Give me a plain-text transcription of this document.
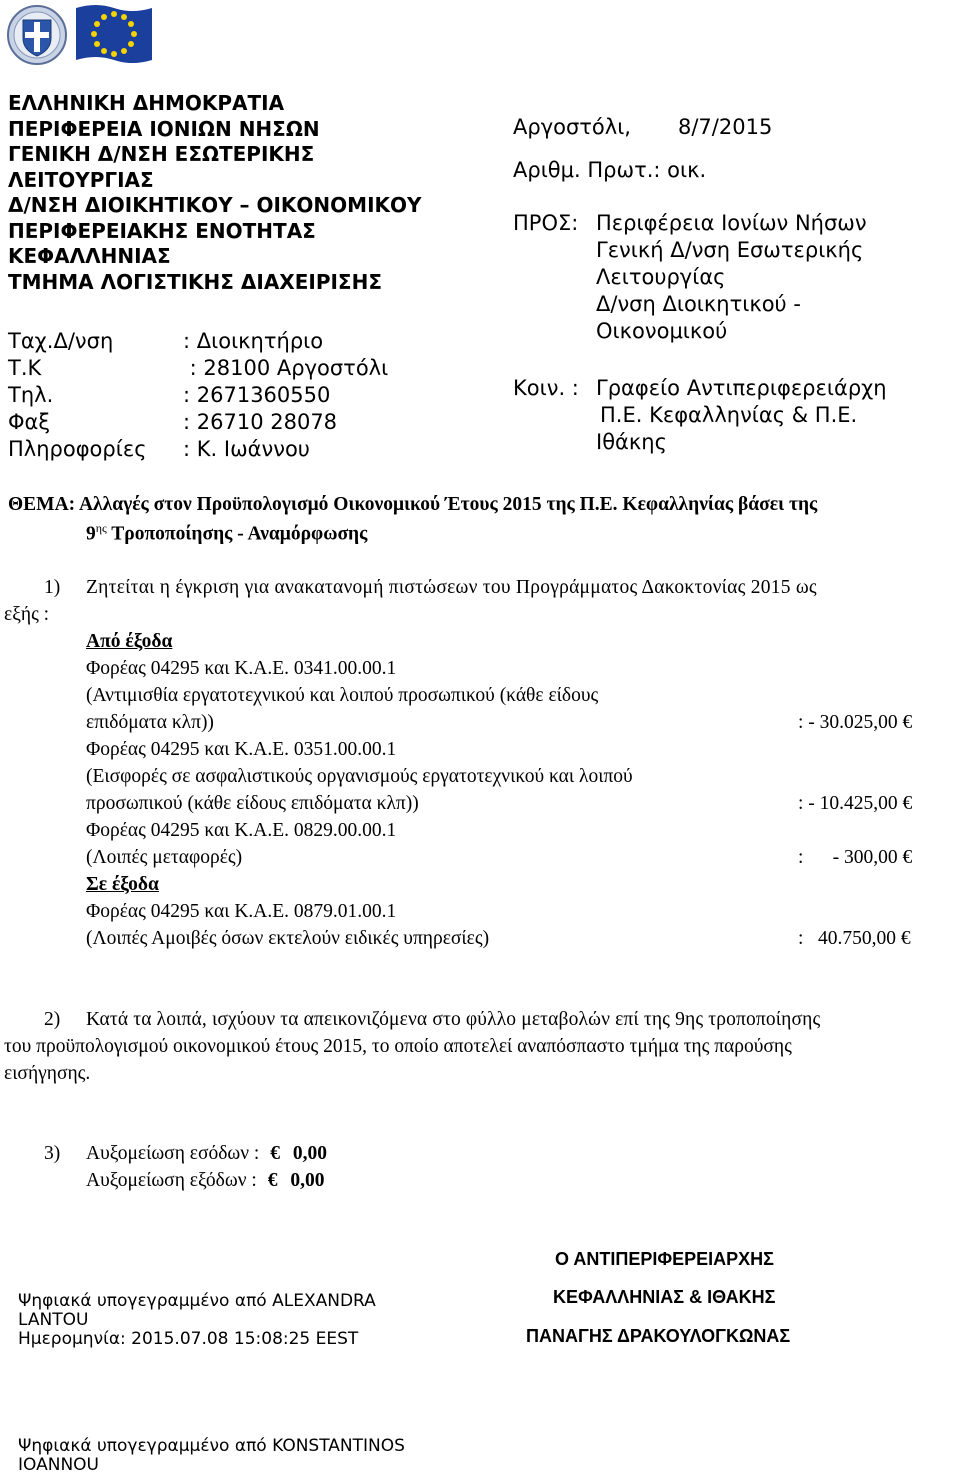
ΕΛΛΗΝΙΚΗ ΔΗΜΟΚΡΑΤΙΑ
ΠΕΡΙΦΕΡΕΙΑ ΙΟΝΙΩΝ ΝΗΣΩΝ
ΓΕΝΙΚΗ Δ/ΝΣΗ ΕΣΩΤΕΡΙΚΗΣ
ΛΕΙΤΟΥΡΓΙΑΣ
Δ/ΝΣΗ ΔΙΟΙΚΗΤΙΚΟΥ – ΟΙΚΟΝΟΜΙΚΟΥ
ΠΕΡΙΦΕΡΕΙΑΚΗΣ ΕΝΟΤΗΤΑΣ
ΚΕΦΑΛΛΗΝΙΑΣ
ΤΜΗΜΑ ΛΟΓΙΣΤΙΚΗΣ ΔΙΑΧΕΙΡΙΣΗΣ
Ταχ.Δ/νση	: Διοικητήριο
Τ.Κ	: 28100 Αργοστόλι
Τηλ.	: 2671360550
Φαξ	: 26710 28078
Πληροφορίες	: Κ. Ιωάννου
Αργοστόλι, 8/7/2015
Αριθμ. Πρωτ.: οικ.
ΠΡΟΣ: Περιφέρεια Ιονίων Νήσων
Γενική Δ/νση Εσωτερικής
Λειτουργίας
Δ/νση Διοικητικού -
Οικονομικού
Κοιν. : Γραφείο Αντιπεριφερειάρχη
Π.Ε. Κεφαλληνίας & Π.Ε.
Ιθάκης
ΘΕΜΑ: Αλλαγές στον Προϋπολογισμό Οικονομικού Έτους 2015 της Π.Ε. Κεφαλληνίας βάσει της
$9^{\eta\varsigma}$ Τροποποίησης - Αναμόρφωσης
1) Ζητείται η έγκριση για ανακατανομή πιστώσεων του Προγράμματος Δακοκτονίας 2015 ως
εξής :
Από έξοδα
Φορέας 04295 και Κ.Α.Ε. 0341.00.00.1
(Αντιμισθία εργατοτεχνικού και λοιπού προσωπικού (κάθε είδους
επιδόματα κλπ))	: - 30.025,00 €
Φορέας 04295 και Κ.Α.Ε. 0351.00.00.1
(Εισφορές σε ασφαλιστικούς οργανισμούς εργατοτεχνικού και λοιπού
προσωπικού (κάθε είδους επιδόματα κλπ))	: - 10.425,00 €
Φορέας 04295 και Κ.Α.Ε. 0829.00.00.1
(Λοιπές μεταφορές)	:      - 300,00 €
Σε έξοδα
Φορέας 04295 και Κ.Α.Ε. 0879.01.00.1
(Λοιπές Αμοιβές όσων εκτελούν ειδικές υπηρεσίες)	:   40.750,00 €
2) Κατά τα λοιπά, ισχύουν τα απεικονιζόμενα στο φύλλο μεταβολών επί της 9ης τροποποίησης
του προϋπολογισμού οικονομικού έτους 2015, το οποίο αποτελεί αναπόσπαστο τμήμα της παρούσης
εισήγησης.
3) Αυξομείωση εσόδων : € 0,00
Αυξομείωση εξόδων : € 0,00
Ο ΑΝΤΙΠΕΡΙΦΕΡΕΙΑΡΧΗΣ
ΚΕΦΑΛΛΗΝΙΑΣ & ΙΘΑΚΗΣ
ΠΑΝΑΓΗΣ ΔΡΑΚΟΥΛΟΓΚΩΝΑΣ
Ψηφιακά υπογεγραμμένο από ALEXANDRA
LANTOU
Ημερομηνία: 2015.07.08 15:08:25 EEST
Ψηφιακά υπογεγραμμένο από KONSTANTINOS
IOANNOU
